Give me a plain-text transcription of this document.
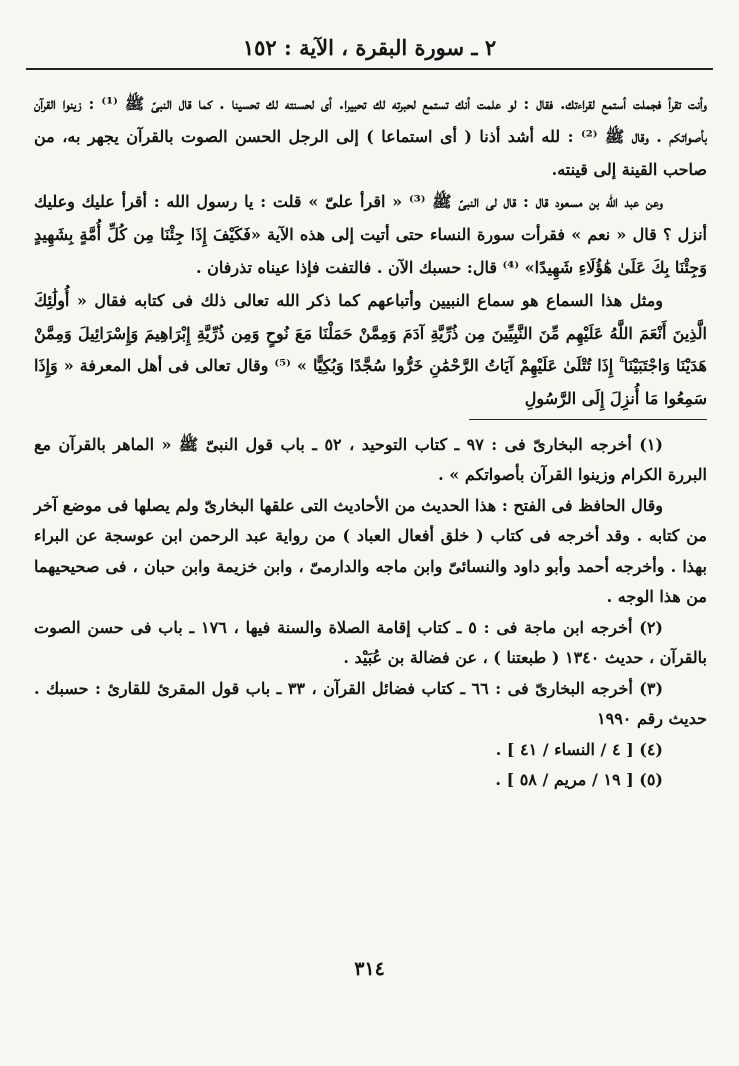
٢ ـ سورة البقرة ، الآية : ١٥٢

وأنت تقرأ فجملت أستمع لقراءتك. فقال : لو علمت أنك تستمع لحبرته لك تحبيرا. أى لحسنته لك تحسينا . كما قال النبىّ ﷺ ⁽¹⁾ : زينوا القرآن بأصواتكم . وقال ﷺ ⁽²⁾ : لله أشد أذنا ( أى استماعا ) إلى الرجل الحسن الصوت بالقرآن يجهر به، من صاحب القينة إلى قينته.

وعن عبد الله بن مسعود قال : قال لى النبىّ ﷺ ⁽³⁾ « اقرأ علىّ » قلت : يا رسول الله : أقرأ عليك وعليك أنزل ؟ قال « نعم » فقرأت سورة النساء حتى أتيت إلى هذه الآية «فَكَيْفَ إِذَا جِئْنَا مِن كُلِّ أُمَّةٍ بِشَهِيدٍ وَجِئْنَا بِكَ عَلَىٰ هَٰؤُلَاءِ شَهِيدًا» ⁽⁴⁾ قال: حسبك الآن . فالتفت فإذا عيناه تذرفان .

ومثل هذا السماع هو سماع النبيين وأتباعهم كما ذكر الله تعالى ذلك فى كتابه فقال « أُولَٰئِكَ الَّذِينَ أَنْعَمَ اللَّهُ عَلَيْهِم مِّنَ النَّبِيِّينَ مِن ذُرِّيَّةِ آدَمَ وَمِمَّنْ حَمَلْنَا مَعَ نُوحٍ وَمِن ذُرِّيَّةِ إِبْرَاهِيمَ وَإِسْرَائِيلَ وَمِمَّنْ هَدَيْنَا وَاجْتَبَيْنَا ۚ إِذَا تُتْلَىٰ عَلَيْهِمْ آيَاتُ الرَّحْمَٰنِ خَرُّوا سُجَّدًا وَبُكِيًّا » ⁽⁵⁾ وقال تعالى فى أهل المعرفة « وَإِذَا سَمِعُوا مَا أُنزِلَ إِلَى الرَّسُولِ

(١) أخرجه البخارىّ فى : ٩٧ ـ كتاب التوحيد ، ٥٢ ـ باب قول النبىّ ﷺ « الماهر بالقرآن مع البررة الكرام وزينوا القرآن بأصواتكم » .

وقال الحافظ فى الفتح : هذا الحديث من الأحاديث التى علقها البخارىّ ولم يصلها فى موضع آخر من كتابه . وقد أخرجه فى كتاب ( خلق أفعال العباد ) من رواية عبد الرحمن ابن عوسجة عن البراء بهذا . وأخرجه أحمد وأبو داود والنسائىّ وابن ماجه والدارمىّ ، وابن خزيمة وابن حبان ، فى صحيحيهما من هذا الوجه .

(٢) أخرجه ابن ماجة فى : ٥ ـ كتاب إقامة الصلاة والسنة فيها ، ١٧٦ ـ باب فى حسن الصوت بالقرآن ، حديث ١٣٤٠ ( طبعتنا ) ، عن فضالة بن عُبَيْد .

(٣) أخرجه البخارىّ فى : ٦٦ ـ كتاب فضائل القرآن ، ٣٣ ـ باب قول المقرئ للقارئ : حسبك . حديث رقم ١٩٩٠

(٤) [ ٤ / النساء / ٤١ ] .

(٥) [ ١٩ / مريم / ٥٨ ] .

٣١٤
